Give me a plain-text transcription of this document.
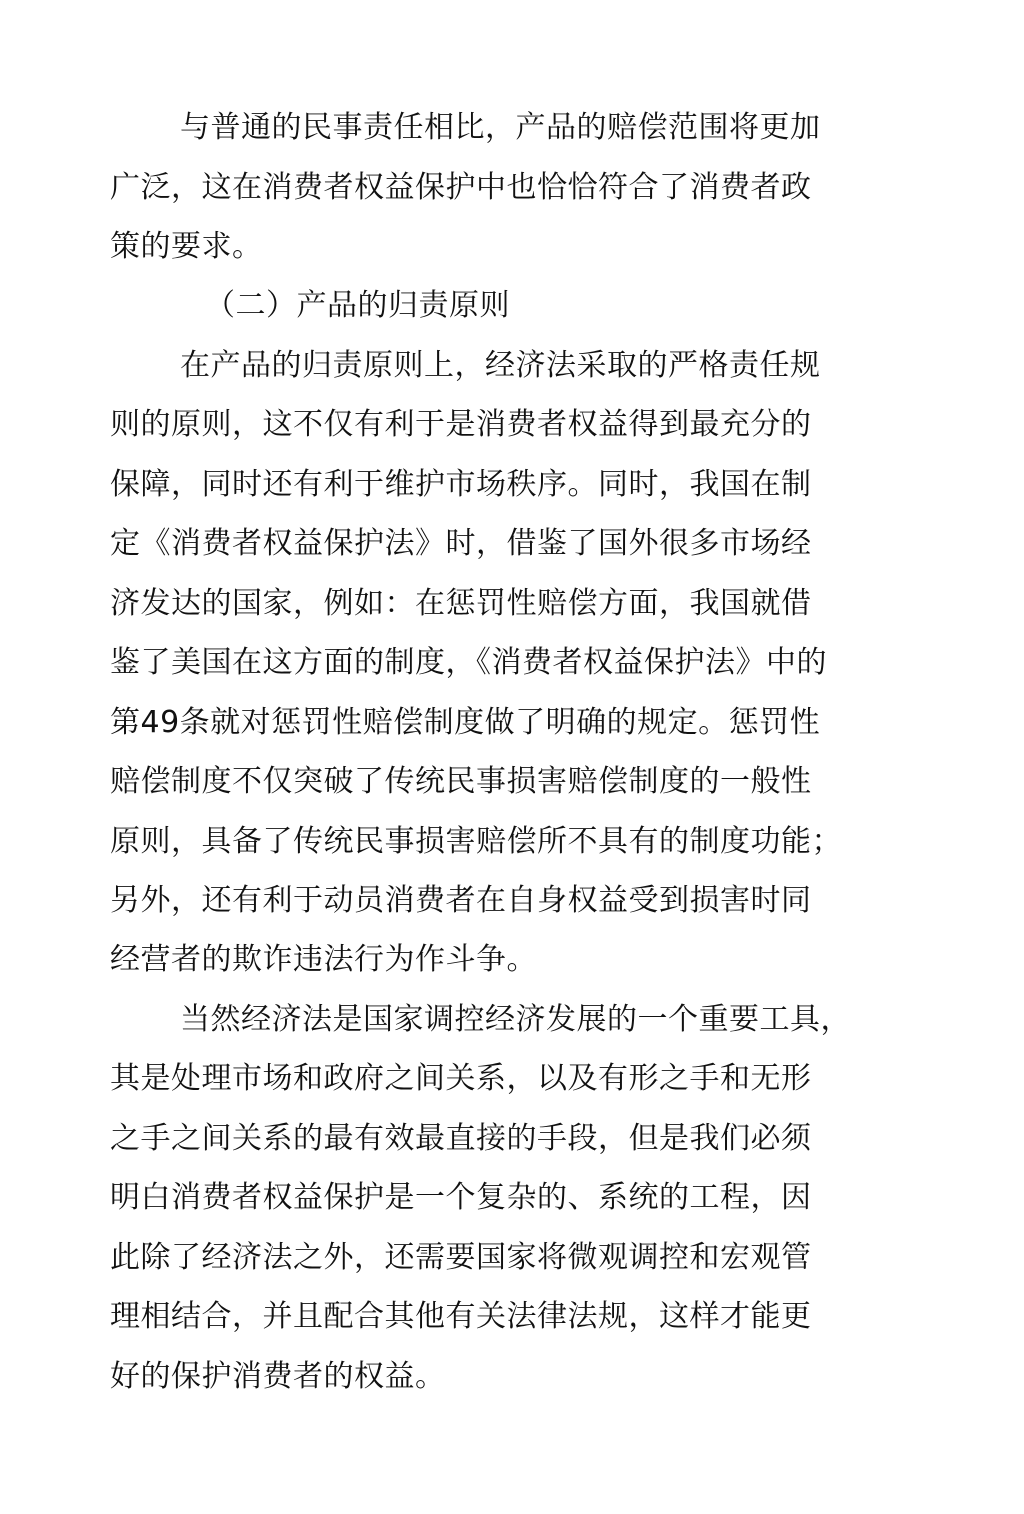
与普通的民事责任相比，产品的赔偿范围将更加
广泛，这在消费者权益保护中也恰恰符合了消费者政
策的要求。
（二）产品的归责原则
在产品的归责原则上，经济法采取的严格责任规
则的原则，这不仅有利于是消费者权益得到最充分的
保障，同时还有利于维护市场秩序。同时，我国在制
定《消费者权益保护法》时，借鉴了国外很多市场经
济发达的国家，例如：在惩罚性赔偿方面，我国就借
鉴了美国在这方面的制度，《消费者权益保护法》中的
第49条就对惩罚性赔偿制度做了明确的规定。惩罚性
赔偿制度不仅突破了传统民事损害赔偿制度的一般性
原则，具备了传统民事损害赔偿所不具有的制度功能；
另外，还有利于动员消费者在自身权益受到损害时同
经营者的欺诈违法行为作斗争。
当然经济法是国家调控经济发展的一个重要工具，
其是处理市场和政府之间关系，以及有形之手和无形
之手之间关系的最有效最直接的手段，但是我们必须
明白消费者权益保护是一个复杂的、系统的工程，因
此除了经济法之外，还需要国家将微观调控和宏观管
理相结合，并且配合其他有关法律法规，这样才能更
好的保护消费者的权益。
